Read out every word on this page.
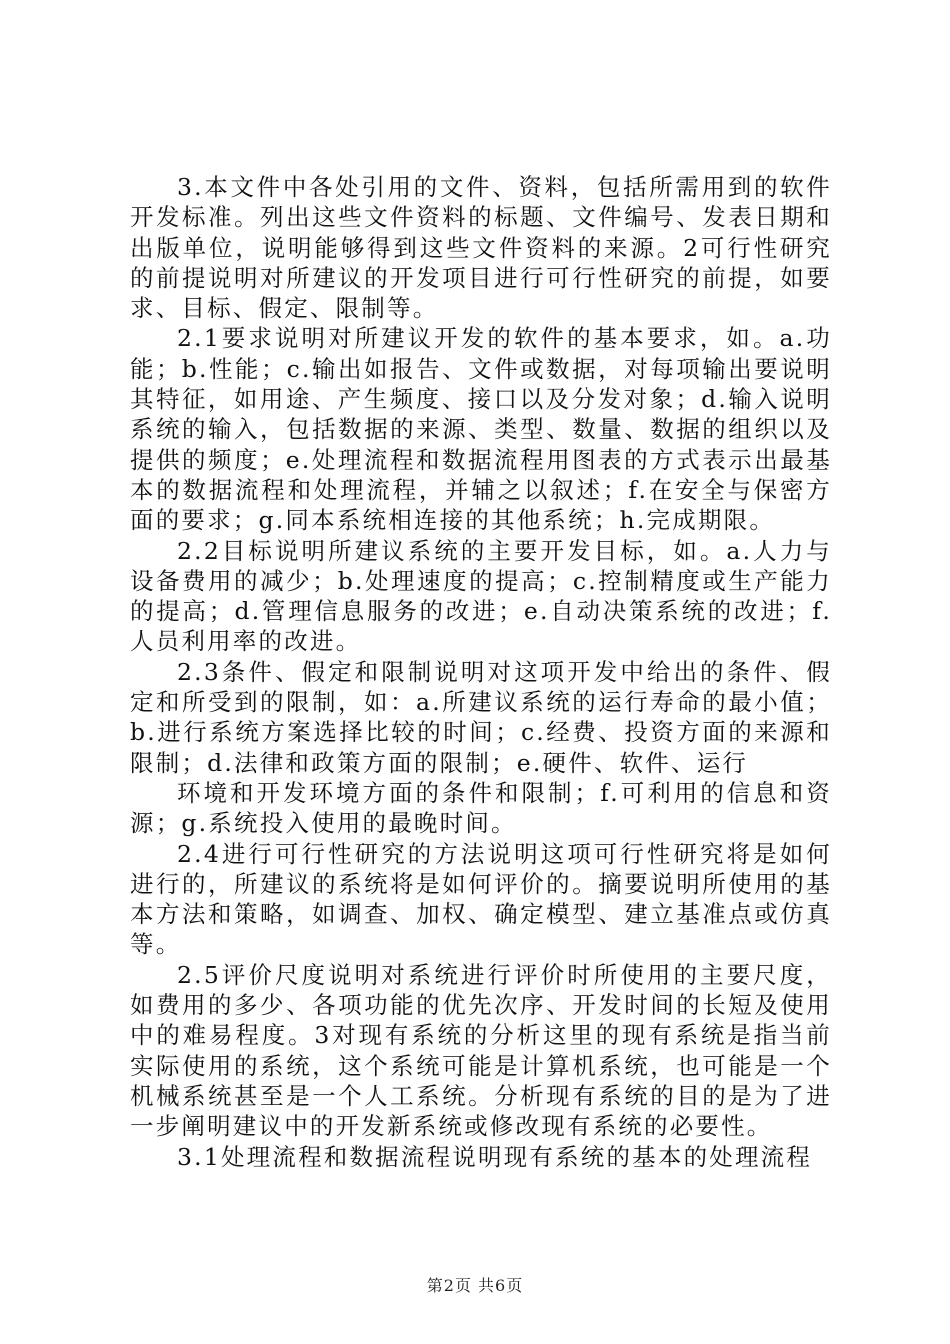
3.本文件中各处引用的文件、资料，包括所需用到的软件开发标准。列出这些文件资料的标题、文件编号、发表日期和出版单位，说明能够得到这些文件资料的来源。2可行性研究的前提说明对所建议的开发项目进行可行性研究的前提，如要求、目标、假定、限制等。

2.1要求说明对所建议开发的软件的基本要求，如。a.功能；b.性能；c.输出如报告、文件或数据，对每项输出要说明其特征，如用途、产生频度、接口以及分发对象；d.输入说明系统的输入，包括数据的来源、类型、数量、数据的组织以及提供的频度；e.处理流程和数据流程用图表的方式表示出最基本的数据流程和处理流程，并辅之以叙述；f.在安全与保密方面的要求；g.同本系统相连接的其他系统；h.完成期限。

2.2目标说明所建议系统的主要开发目标，如。a.人力与设备费用的减少；b.处理速度的提高；c.控制精度或生产能力的提高；d.管理信息服务的改进；e.自动决策系统的改进；f.人员利用率的改进。

2.3条件、假定和限制说明对这项开发中给出的条件、假定和所受到的限制，如：a.所建议系统的运行寿命的最小值；b.进行系统方案选择比较的时间；c.经费、投资方面的来源和限制；d.法律和政策方面的限制；e.硬件、软件、运行

环境和开发环境方面的条件和限制；f.可利用的信息和资源；g.系统投入使用的最晚时间。

2.4进行可行性研究的方法说明这项可行性研究将是如何进行的，所建议的系统将是如何评价的。摘要说明所使用的基本方法和策略，如调查、加权、确定模型、建立基准点或仿真等。

2.5评价尺度说明对系统进行评价时所使用的主要尺度，如费用的多少、各项功能的优先次序、开发时间的长短及使用中的难易程度。3对现有系统的分析这里的现有系统是指当前实际使用的系统，这个系统可能是计算机系统，也可能是一个机械系统甚至是一个人工系统。分析现有系统的目的是为了进一步阐明建议中的开发新系统或修改现有系统的必要性。

3.1处理流程和数据流程说明现有系统的基本的处理流程

第2页 共6页
